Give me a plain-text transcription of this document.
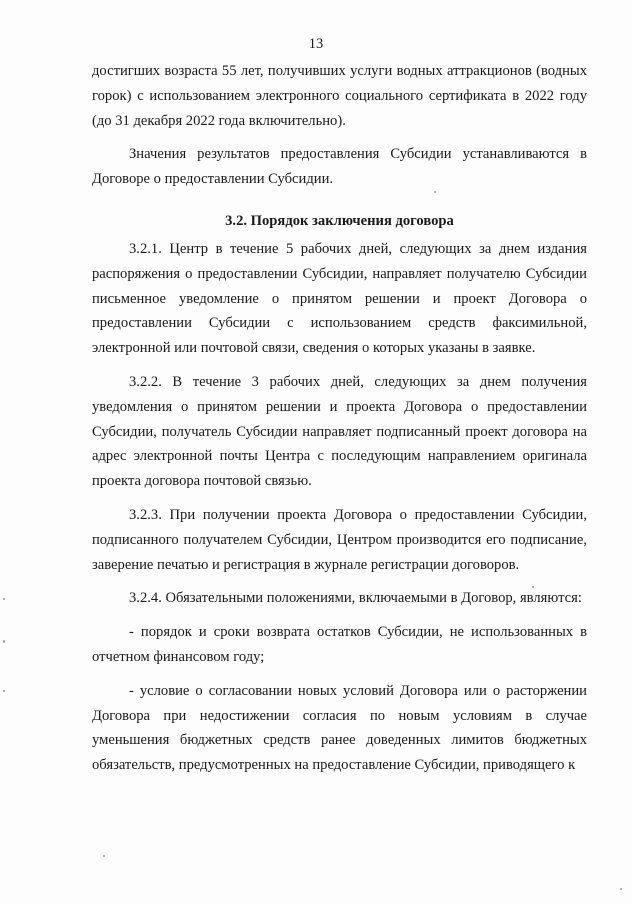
13

достигших возраста 55 лет, получивших услуги водных аттракционов (водных горок) с использованием электронного социального сертификата в 2022 году (до 31 декабря 2022 года включительно).

Значения результатов предоставления Субсидии устанавливаются в Договоре о предоставлении Субсидии.

3.2. Порядок заключения договора

3.2.1. Центр в течение 5 рабочих дней, следующих за днем издания распоряжения о предоставлении Субсидии, направляет получателю Субсидии письменное уведомление о принятом решении и проект Договора о предоставлении Субсидии с использованием средств факсимильной, электронной или почтовой связи, сведения о которых указаны в заявке.

3.2.2. В течение 3 рабочих дней, следующих за днем получения уведомления о принятом решении и проекта Договора о предоставлении Субсидии, получатель Субсидии направляет подписанный проект договора на адрес электронной почты Центра с последующим направлением оригинала проекта договора почтовой связью.

3.2.3. При получении проекта Договора о предоставлении Субсидии, подписанного получателем Субсидии, Центром производится его подписание, заверение печатью и регистрация в журнале регистрации договоров.

3.2.4. Обязательными положениями, включаемыми в Договор, являются:

- порядок и сроки возврата остатков Субсидии, не использованных в отчетном финансовом году;

- условие о согласовании новых условий Договора или о расторжении Договора при недостижении согласия по новым условиям в случае уменьшения бюджетных средств ранее доведенных лимитов бюджетных обязательств, предусмотренных на предоставление Субсидии, приводящего к
